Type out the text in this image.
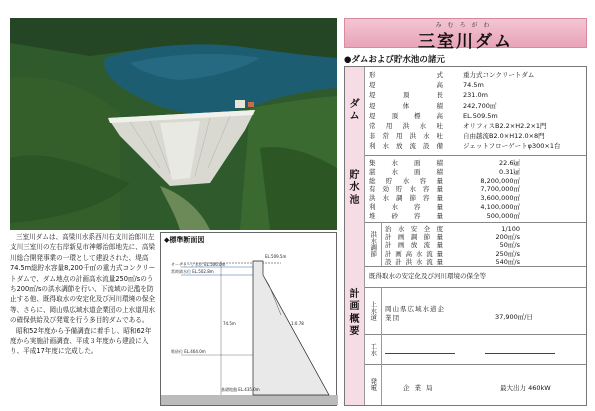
みむろがわ
三室川ダム
●ダムおよび貯水池の諸元
ダ
ム
形式	重力式コンクリートダム
堤高	74.5m
堤頂長	231.0m
堤体積	242,700㎥
堤頂標高	EL.509.5m
常用洪水吐	オリフィスB2.2×H2.2×1門
非常用洪水吐	自由越流B2.0×H12.0×8門
利水放流設備	ジェットフローゲートφ300×1台
貯
水
池
集水面積	22.6㎢
湛水面積	0.31㎢
総貯水容量	8,200,000㎥
有効貯水容量	7,700,000㎥
洪水調節容量	3,600,000㎥
利水容量	4,100,000㎥
堆砂容量	500,000㎥
計
画
概
要
洪水調節
治水安全度	1/100
計画調節量	200㎥/s
計画放流量	50㎥/s
計画高水流量	250㎥/s
設計洪水流量	540㎥/s
既得取水の安定化及び河川環境の保全等
上水道 岡山県広域水道企業団	37,900㎥/日
工水
発電	企業局	最大出力 460kW

三室川ダムは、高梁川水系西川右支川治郎川左支川三室川の左右岸新見市神郷治郎地先に、高梁川総合開発事業の一環として建設された、堤高74.5m総貯水容量8,200千㎥の重力式コンクリートダムで、ダム地点の計画高水流量250㎥/sのうち200㎥/sの洪水調節を行い、下流域の氾濫を防止する他、既得取水の安定化及び河川環境の保全等、さらに、岡山県広域水道企業団の上水道用水の確保供給及び発電を行う多目的ダムである。

昭和52年度から予備調査に着手し、昭和62年度から実施計画調査、平成３年度から建設に入り、平成17年度に完成した。

◆標準断面図
EL.509.5m
サーチャージ水位 EL.506.0m
常時満水位 EL.502.8m
堆砂位 EL.464.0m
基礎地盤 EL.435.0m
1:0.78
74.5m
